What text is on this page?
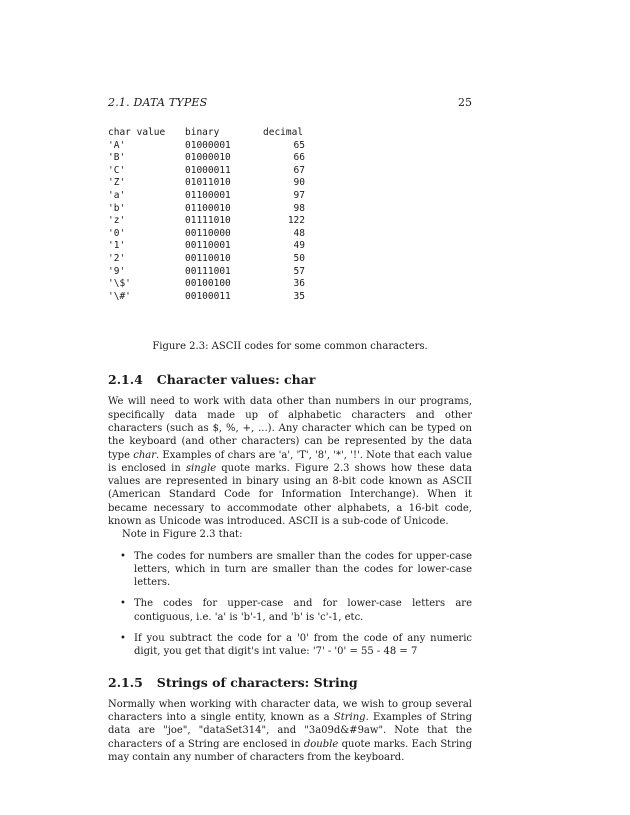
2.1. DATA TYPES	25
char value	binary	decimal
'A'	01000001	65
'B'	01000010	66
'C'	01000011	67
'Z'	01011010	90
'a'	01100001	97
'b'	01100010	98
'z'	01111010	122
'0'	00110000	48
'1'	00110001	49
'2'	00110010	50
'9'	00111001	57
'\$'	00100100	36
'\#'	00100011	35
Figure 2.3: ASCII codes for some common characters.
2.1.4 Character values: char

We will need to work with data other than numbers in our programs, specifically data made up of alphabetic characters and other characters (such as $, %, +, ...). Any character which can be typed on the keyboard (and other characters) can be represented by the data type char. Examples of chars are 'a', 'T', '8', '*', '!'. Note that each value is enclosed in single quote marks. Figure 2.3 shows how these data values are represented in binary using an 8-bit code known as ASCII (American Standard Code for Information Interchange). When it became necessary to accommodate other alphabets, a 16-bit code, known as Unicode was introduced. ASCII is a sub-code of Unicode.

Note in Figure 2.3 that:

• The codes for numbers are smaller than the codes for upper-case letters, which in turn are smaller than the codes for lower-case letters.
• The codes for upper-case and for lower-case letters are contiguous, i.e. 'a' is 'b'-1, and 'b' is 'c'-1, etc.
• If you subtract the code for a '0' from the code of any numeric digit, you get that digit's int value: '7' - '0' = 55 - 48 = 7
2.1.5 Strings of characters: String

Normally when working with character data, we wish to group several characters into a single entity, known as a String. Examples of String data are "joe", "dataSet314", and "3a09d&#9aw". Note that the characters of a String are enclosed in double quote marks. Each String may contain any number of characters from the keyboard.
